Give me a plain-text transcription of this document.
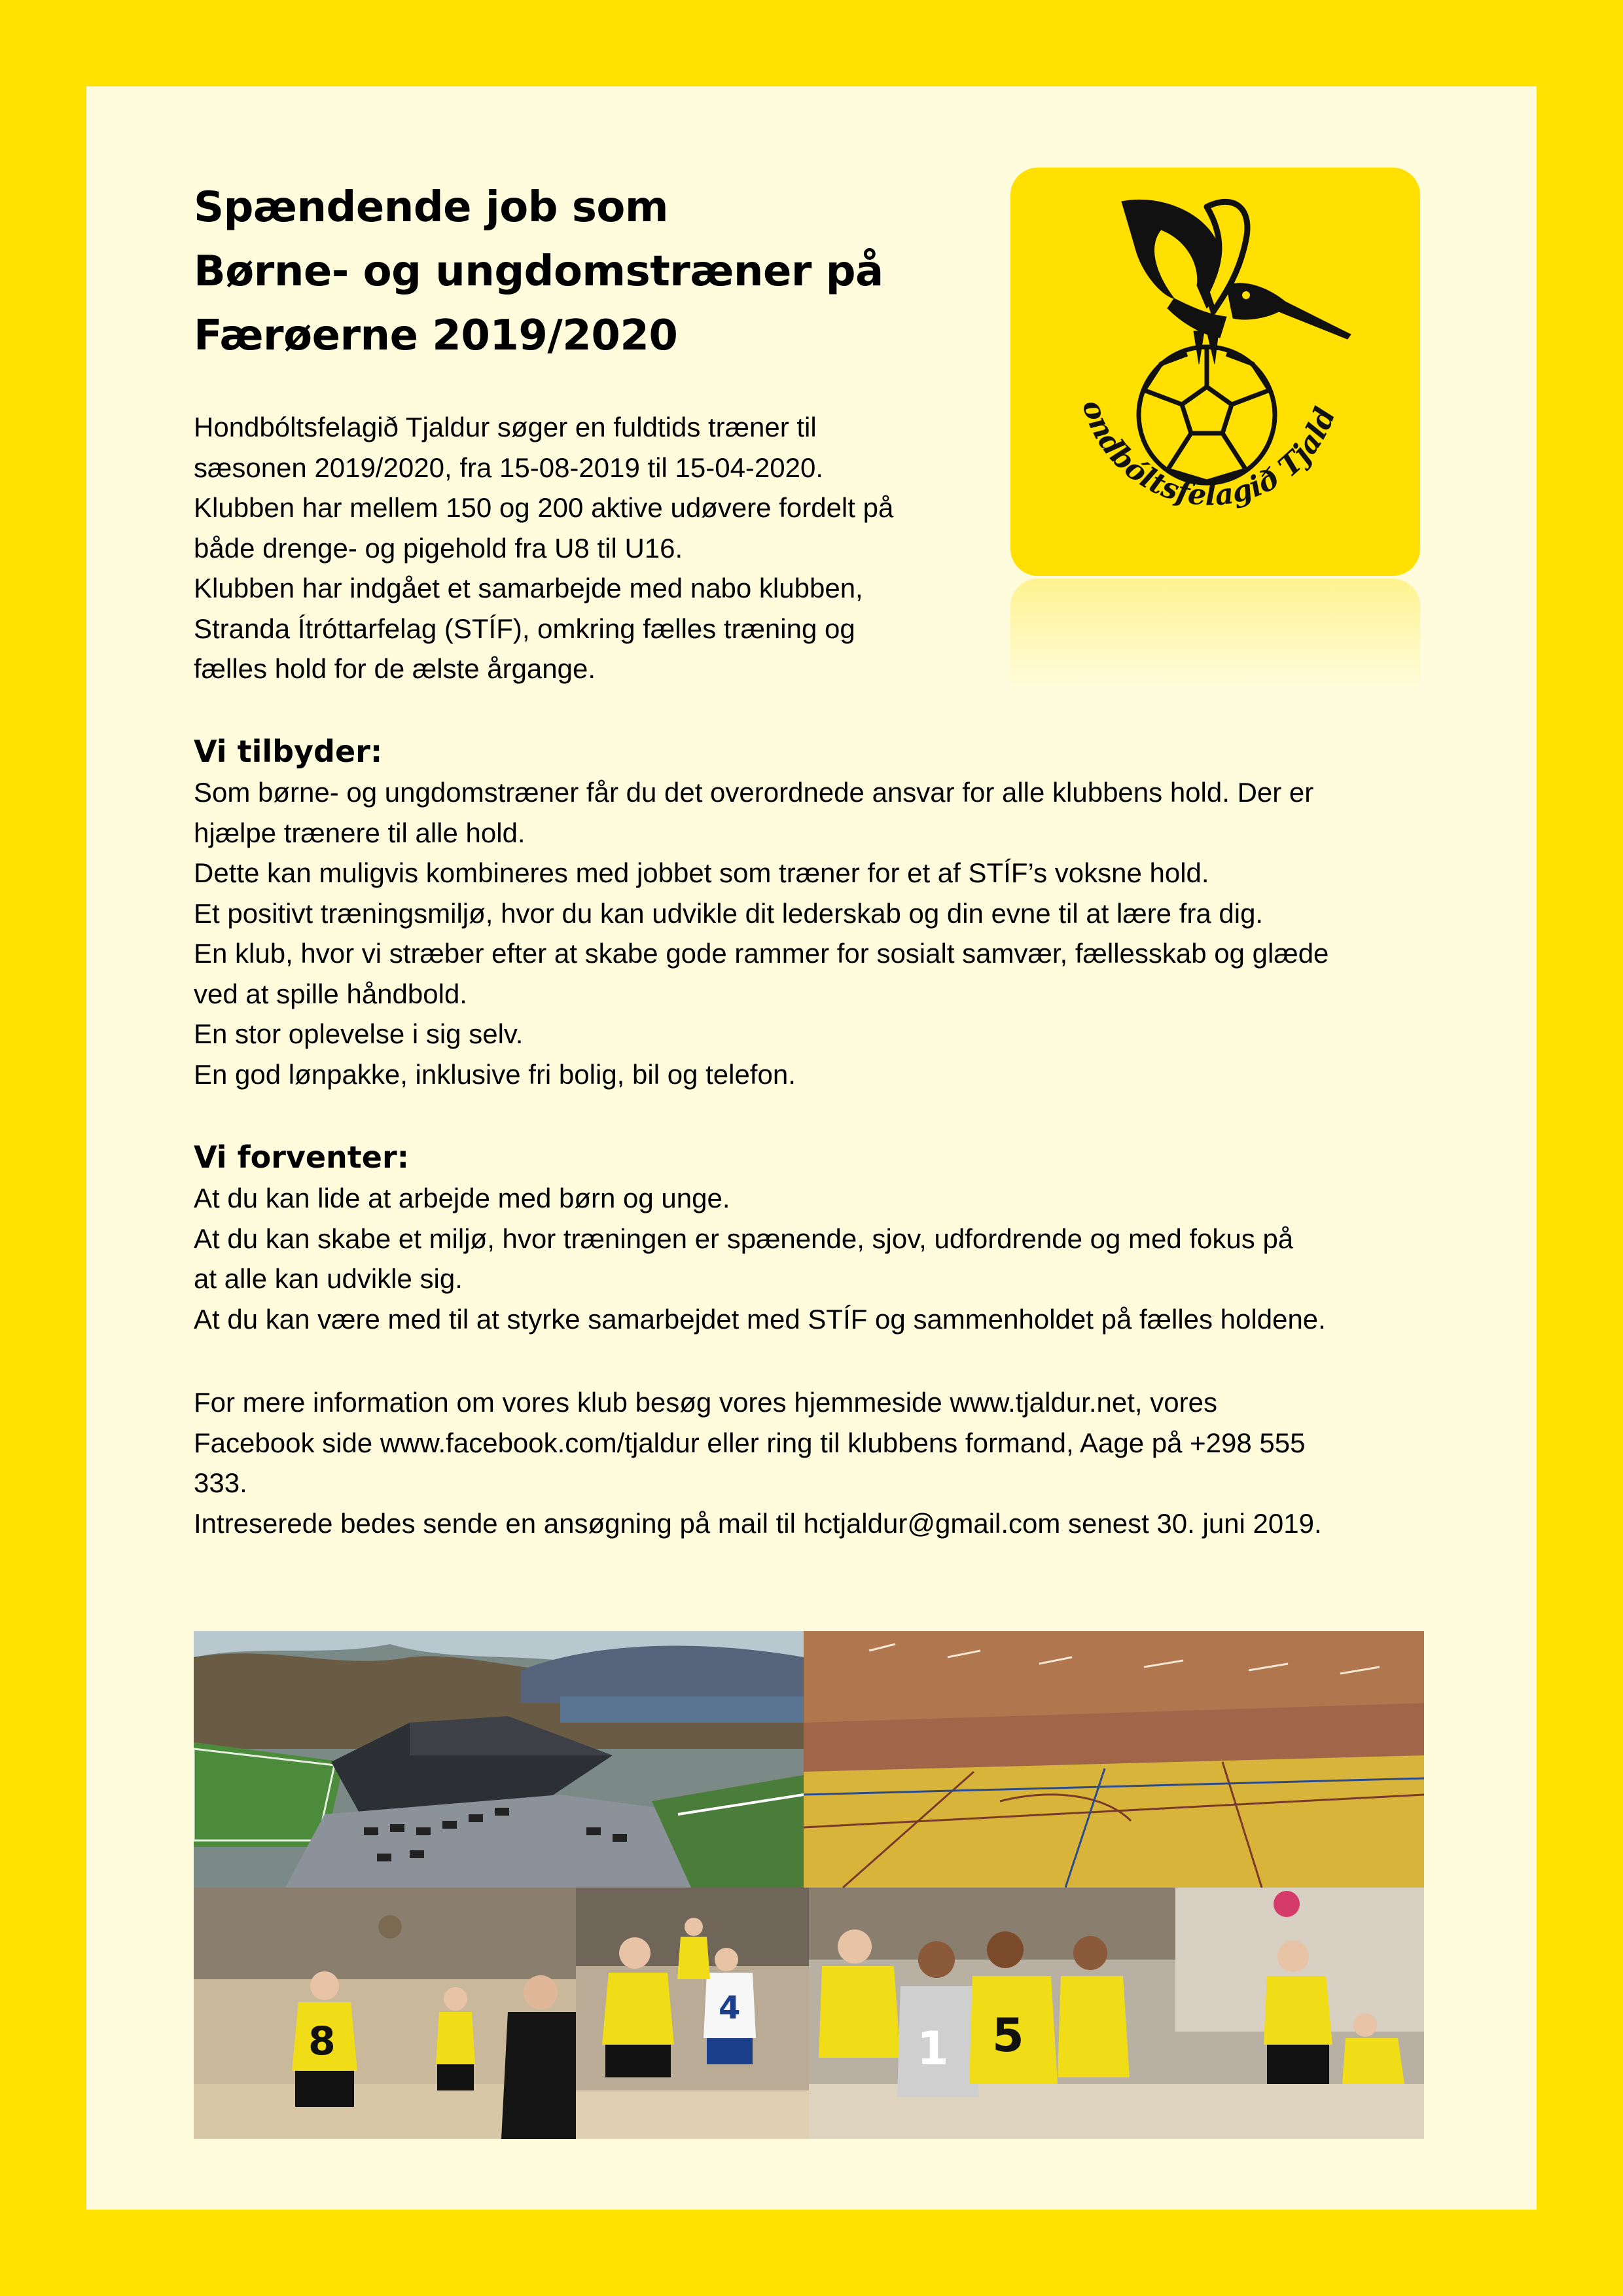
Spændende job som
Børne- og ungdomstræner på
Færøerne 2019/2020
ondbóltsfelagið Tjald
Hondbóltsfelagið Tjaldur søger en fuldtids træner til
sæsonen 2019/2020, fra 15-08-2019 til 15-04-2020.
Klubben har mellem 150 og 200 aktive udøvere fordelt på
både drenge- og pigehold fra U8 til U16.
Klubben har indgået et samarbejde med nabo klubben,
Stranda Ítróttarfelag (STÍF), omkring fælles træning og
fælles hold for de ælste årgange.
Vi tilbyder:
Som børne- og ungdomstræner får du det overordnede ansvar for alle klubbens hold. Der er
hjælpe trænere til alle hold.
Dette kan muligvis kombineres med jobbet som træner for et af STÍF’s voksne hold.
Et positivt træningsmiljø, hvor du kan udvikle dit lederskab og din evne til at lære fra dig.
En klub, hvor vi stræber efter at skabe gode rammer for sosialt samvær, fællesskab og glæde
ved at spille håndbold.
En stor oplevelse i sig selv.
En god lønpakke, inklusive fri bolig, bil og telefon.
Vi forventer:
At du kan lide at arbejde med børn og unge.
At du kan skabe et miljø, hvor træningen er spænende, sjov, udfordrende og med fokus på
at alle kan udvikle sig.
At du kan være med til at styrke samarbejdet med STÍF og sammenholdet på fælles holdene.
For mere information om vores klub besøg vores hjemmeside www.tjaldur.net, vores
Facebook side www.facebook.com/tjaldur eller ring til klubbens formand, Aage på +298 555
333.
Intreserede bedes sende en ansøgning på mail til hctjaldur@gmail.com senest 30. juni 2019.
8
4
1 5
